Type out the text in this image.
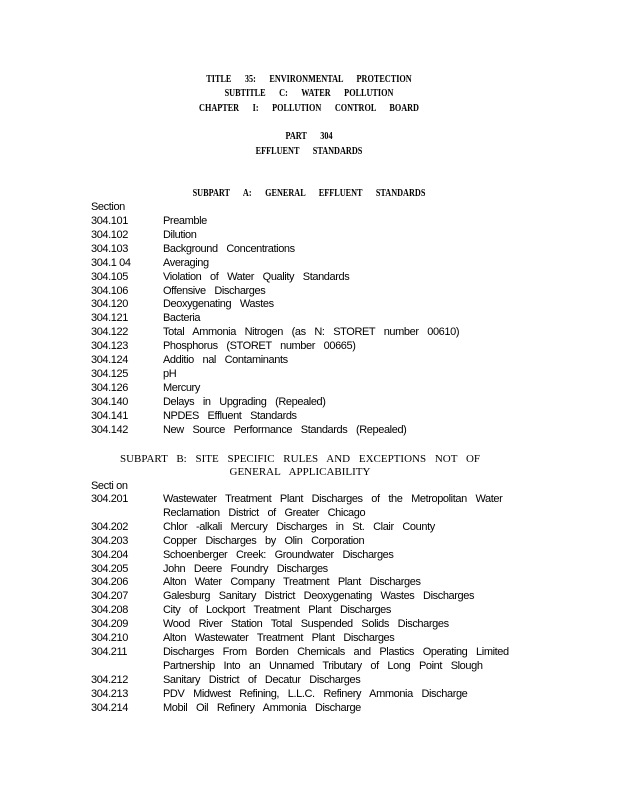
TITLE 35: ENVIRONMENTAL PROTECTION
SUBTITLE C: WATER POLLUTION
CHAPTER I: POLLUTION CONTROL BOARD
PART 304
EFFLUENT STANDARDS
SUBPART A: GENERAL EFFLUENT STANDARDS
Section
304.101	Preamble
304.102	Dilution
304.103	Background Concentrations
304.1 04	Averaging
304.105	Violation of Water Quality Standards
304.106	Offensive Discharges
304.120	Deoxygenating Wastes
304.121	Bacteria
304.122	Total Ammonia Nitrogen (as N: STORET number 00610)
304.123	Phosphorus (STORET number 00665)
304.124	Additio nal Contaminants
304.125	pH
304.126	Mercury
304.140	Delays in Upgrading (Repealed)
304.141	NPDES Effluent Standards
304.142	New Source Performance Standards (Repealed)
SUBPART B: SITE SPECIFIC RULES AND EXCEPTIONS NOT OF GENERAL APPLICABILITY
Secti on
304.201	Wastewater Treatment Plant Discharges of the Metropolitan Water Reclamation District of Greater Chicago
304.202	Chlor -alkali Mercury Discharges in St. Clair County
304.203	Copper Discharges by Olin Corporation
304.204	Schoenberger Creek: Groundwater Discharges
304.205	John Deere Foundry Discharges
304.206	Alton Water Company Treatment Plant Discharges
304.207	Galesburg Sanitary District Deoxygenating Wastes Discharges
304.208	City of Lockport Treatment Plant Discharges
304.209	Wood River Station Total Suspended Solids Discharges
304.210	Alton Wastewater Treatment Plant Discharges
304.211	Discharges From Borden Chemicals and Plastics Operating Limited Partnership Into an Unnamed Tributary of Long Point Slough
304.212	Sanitary District of Decatur Discharges
304.213	PDV Midwest Refining, L.L.C. Refinery Ammonia Discharge
304.214	Mobil Oil Refinery Ammonia Discharge
